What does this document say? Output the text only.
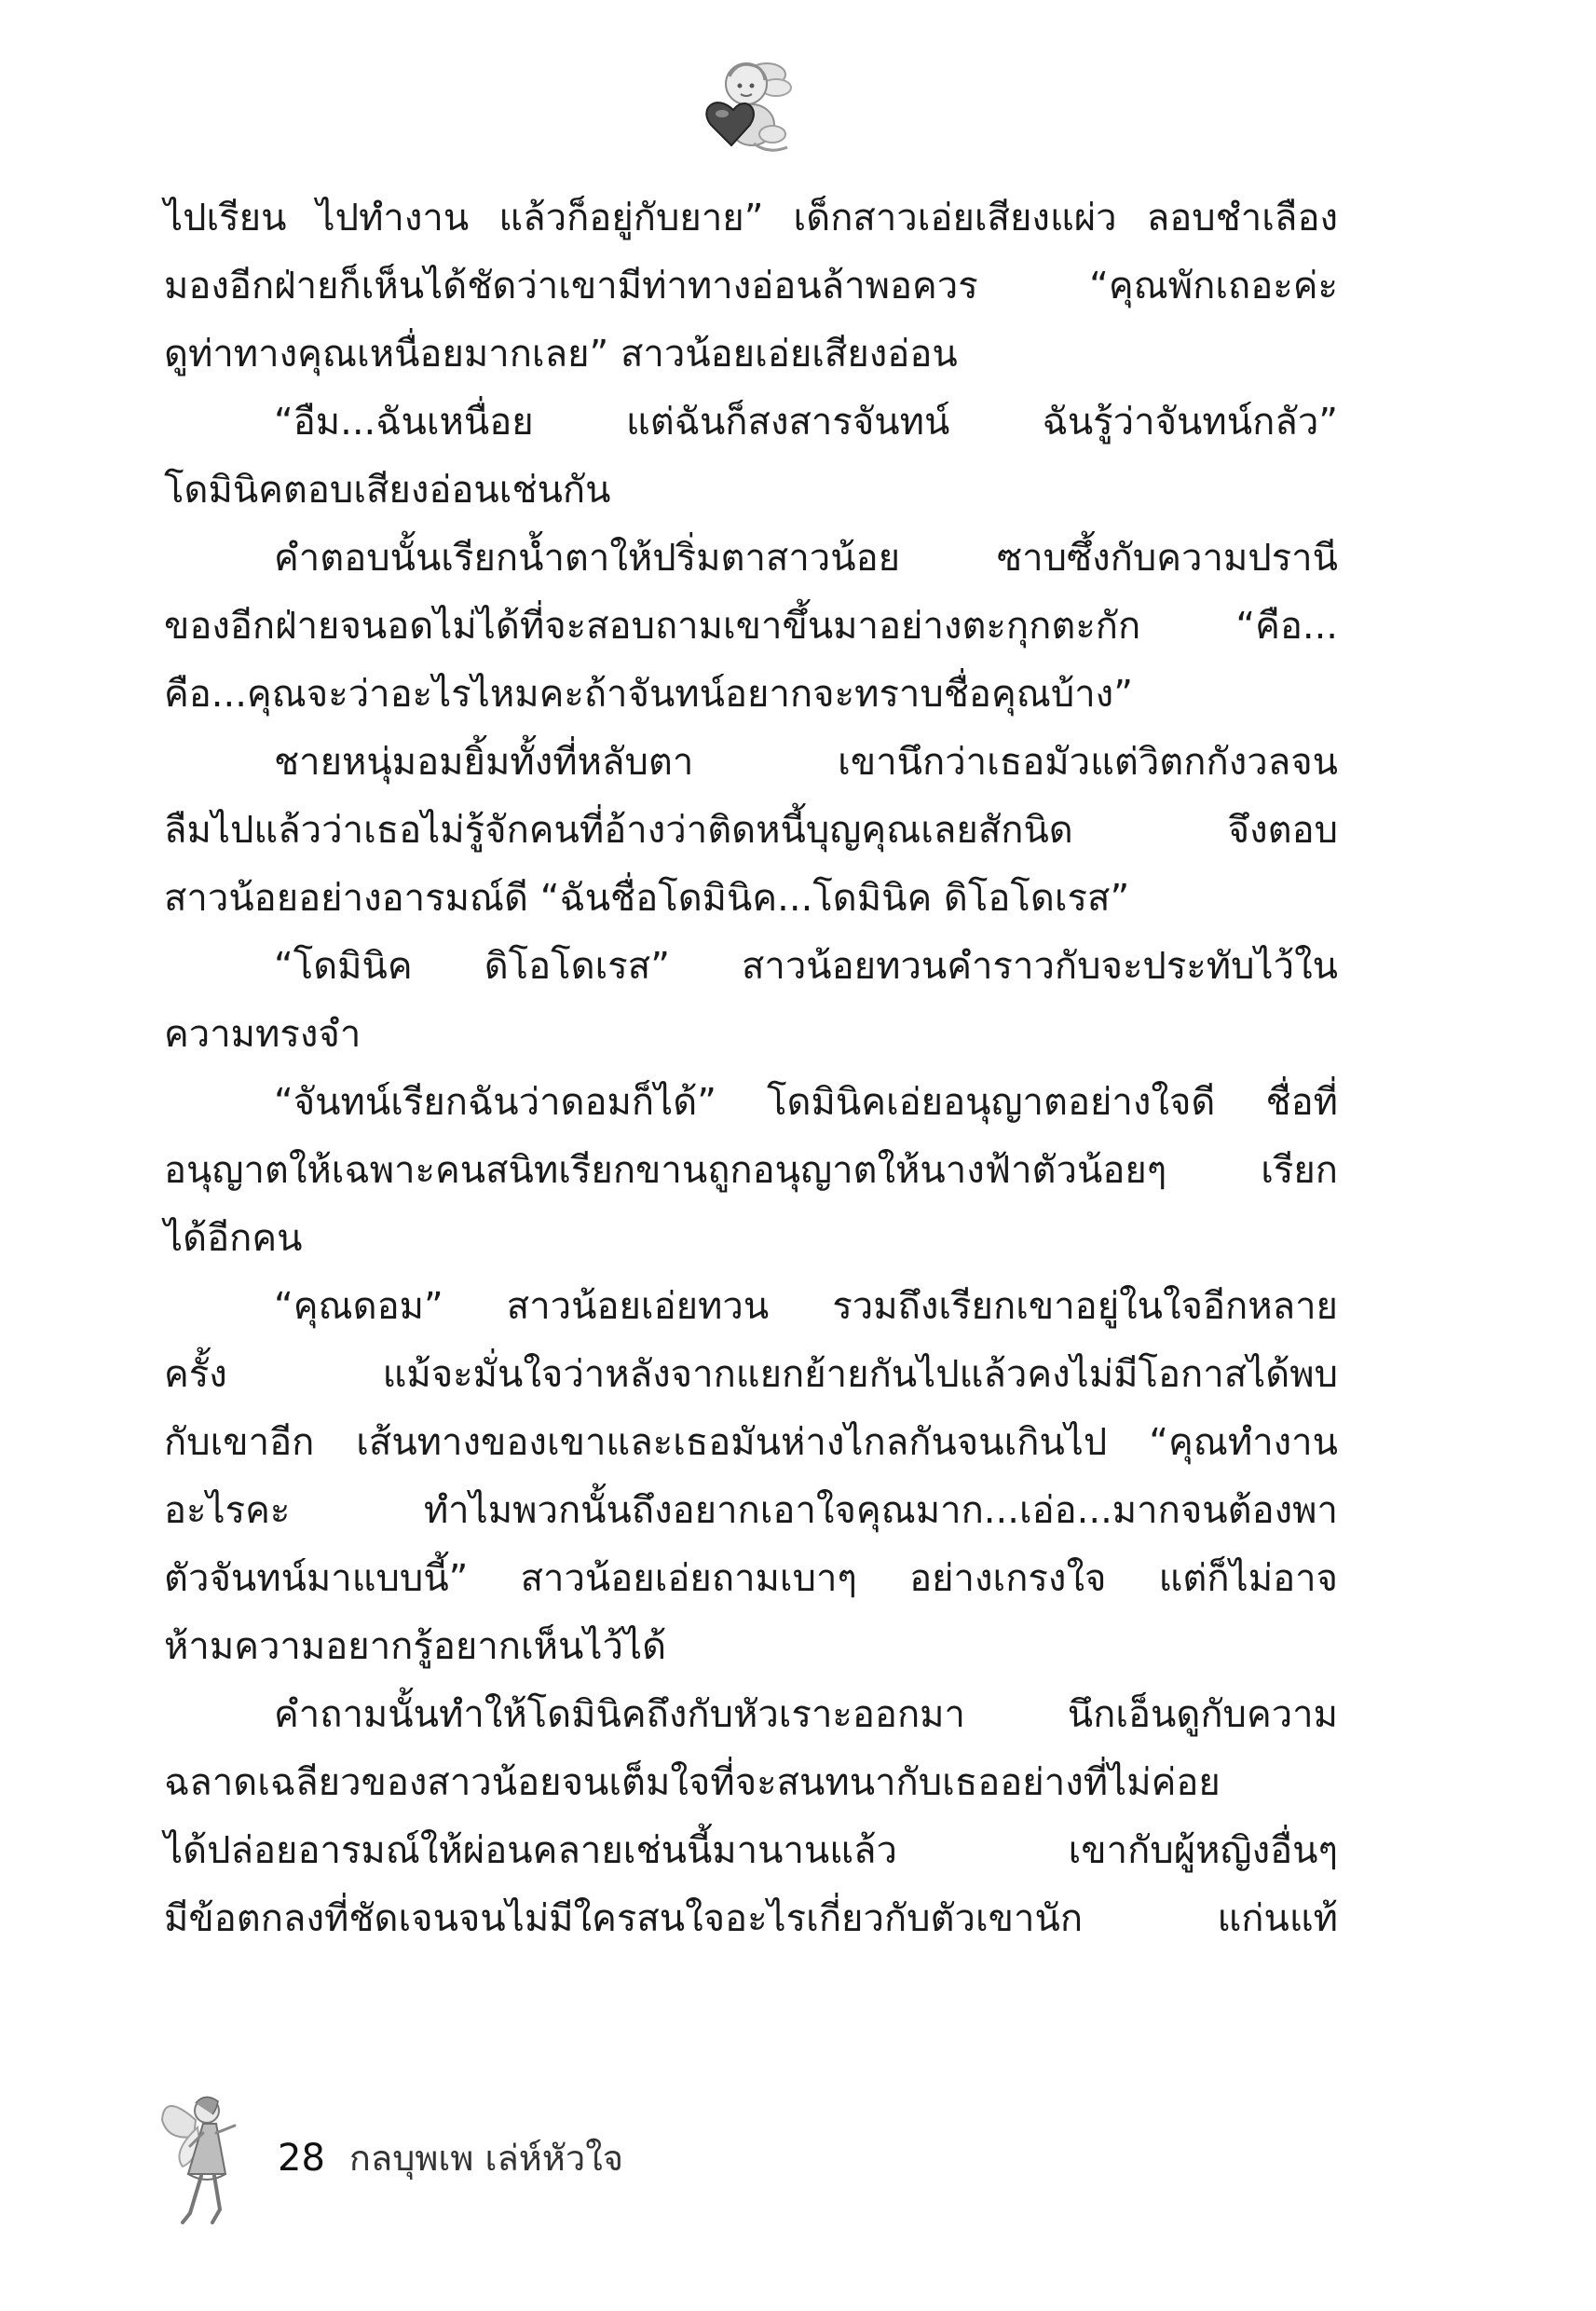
ไปเรียน ไปทำงาน แล้วก็อยู่กับยาย” เด็กสาวเอ่ยเสียงแผ่ว ลอบชำเลือง
มองอีกฝ่ายก็เห็นได้ชัดว่าเขามีท่าทางอ่อนล้าพอควร “คุณพักเถอะค่ะ
ดูท่าทางคุณเหนื่อยมากเลย” สาวน้อยเอ่ยเสียงอ่อน
“อืม...ฉันเหนื่อย แต่ฉันก็สงสารจันทน์ ฉันรู้ว่าจันทน์กลัว”
โดมินิคตอบเสียงอ่อนเช่นกัน
คำตอบนั้นเรียกน้ำตาให้ปริ่มตาสาวน้อย ซาบซึ้งกับความปรานี
ของอีกฝ่ายจนอดไม่ได้ที่จะสอบถามเขาขึ้นมาอย่างตะกุกตะกัก “คือ...
คือ...คุณจะว่าอะไรไหมคะถ้าจันทน์อยากจะทราบชื่อคุณบ้าง”
ชายหนุ่มอมยิ้มทั้งที่หลับตา เขานึกว่าเธอมัวแต่วิตกกังวลจน
ลืมไปแล้วว่าเธอไม่รู้จักคนที่อ้างว่าติดหนี้บุญคุณเลยสักนิด จึงตอบ
สาวน้อยอย่างอารมณ์ดี “ฉันชื่อโดมินิค...โดมินิค ดิโอโดเรส”
“โดมินิค ดิโอโดเรส” สาวน้อยทวนคำราวกับจะประทับไว้ใน
ความทรงจำ
“จันทน์เรียกฉันว่าดอมก็ได้” โดมินิคเอ่ยอนุญาตอย่างใจดี ชื่อที่
อนุญาตให้เฉพาะคนสนิทเรียกขานถูกอนุญาตให้นางฟ้าตัวน้อยๆ เรียก
ได้อีกคน
“คุณดอม” สาวน้อยเอ่ยทวน รวมถึงเรียกเขาอยู่ในใจอีกหลาย
ครั้ง แม้จะมั่นใจว่าหลังจากแยกย้ายกันไปแล้วคงไม่มีโอกาสได้พบ
กับเขาอีก เส้นทางของเขาและเธอมันห่างไกลกันจนเกินไป “คุณทำงาน
อะไรคะ ทำไมพวกนั้นถึงอยากเอาใจคุณมาก...เอ่อ...มากจนต้องพา
ตัวจันทน์มาแบบนี้” สาวน้อยเอ่ยถามเบาๆ อย่างเกรงใจ แต่ก็ไม่อาจ
ห้ามความอยากรู้อยากเห็นไว้ได้
คำถามนั้นทำให้โดมินิคถึงกับหัวเราะออกมา นึกเอ็นดูกับความ
ฉลาดเฉลียวของสาวน้อยจนเต็มใจที่จะสนทนากับเธออย่างที่ไม่ค่อย
ได้ปล่อยอารมณ์ให้ผ่อนคลายเช่นนี้มานานแล้ว เขากับผู้หญิงอื่นๆ
มีข้อตกลงที่ชัดเจนจนไม่มีใครสนใจอะไรเกี่ยวกับตัวเขานัก แก่นแท้
28 กลบุพเพ เล่ห์หัวใจ
